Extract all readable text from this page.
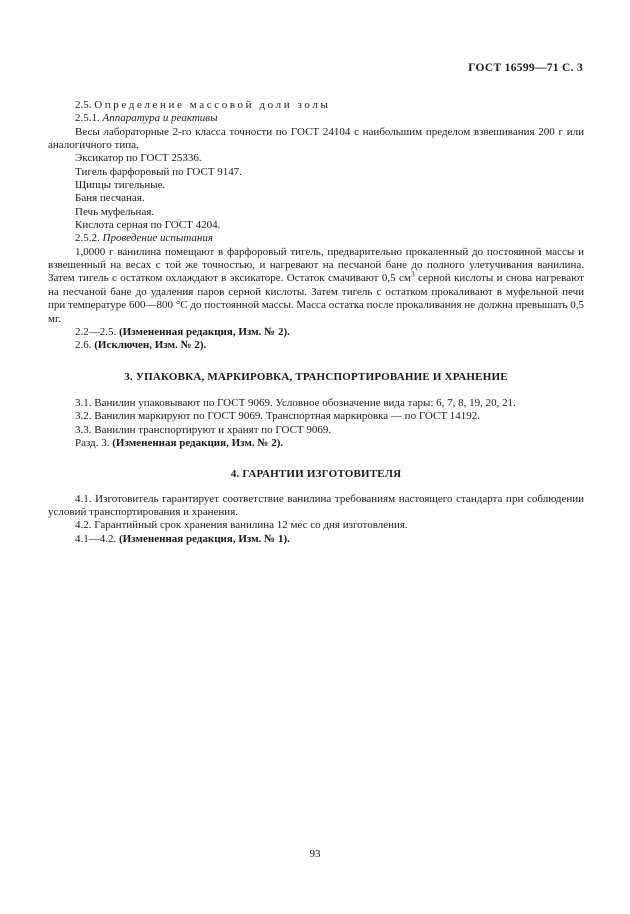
ГОСТ 16599—71 С. 3

2.5. Определение массовой доли золы

2.5.1. Аппаратура и реактивы

Весы лабораторные 2-го класса точности по ГОСТ 24104 с наибольшим пределом взвешивания 200 г или аналогичного типа.

Эксикатор по ГОСТ 25336.

Тигель фарфоровый по ГОСТ 9147.

Щипцы тигельные.

Баня песчаная.

Печь муфельная.

Кислота серная по ГОСТ 4204.

2.5.2. Проведение испытания

1,0000 г ванилина помещают в фарфоровый тигель, предварительно прокаленный до постоянной массы и взвешенный на весах с той же точностью, и нагревают на песчаной бане до полного улетучивания ванилина. Затем тигель с остатком охлаждают в эксикаторе. Остаток смачивают 0,5 $см^3$ серной кислоты и снова нагревают на песчаной бане до удаления паров серной кислоты. Затем тигель с остатком прокаливают в муфельной печи при температуре 600—800 °С до постоянной массы. Масса остатка после прокаливания не должна превышать 0,5 мг.

2.2—2.5. (Измененная редакция, Изм. № 2).

2.6. (Исключен, Изм. № 2).

3. УПАКОВКА, МАРКИРОВКА, ТРАНСПОРТИРОВАНИЕ И ХРАНЕНИЕ

3.1. Ванилин упаковывают по ГОСТ 9069. Условное обозначение вида тары: 6, 7, 8, 19, 20, 21.

3.2. Ванилин маркируют по ГОСТ 9069. Транспортная маркировка — по ГОСТ 14192.

3.3. Ванилин транспортируют и хранят по ГОСТ 9069.

Разд. 3. (Измененная редакция, Изм. № 2).

4. ГАРАНТИИ ИЗГОТОВИТЕЛЯ

4.1. Изготовитель гарантирует соответствие ванилина требованиям настоящего стандарта при соблюдении условий транспортирования и хранения.

4.2. Гарантийный срок хранения ванилина 12 мес со дня изготовления.

4.1—4.2. (Измененная редакция, Изм. № 1).

93
